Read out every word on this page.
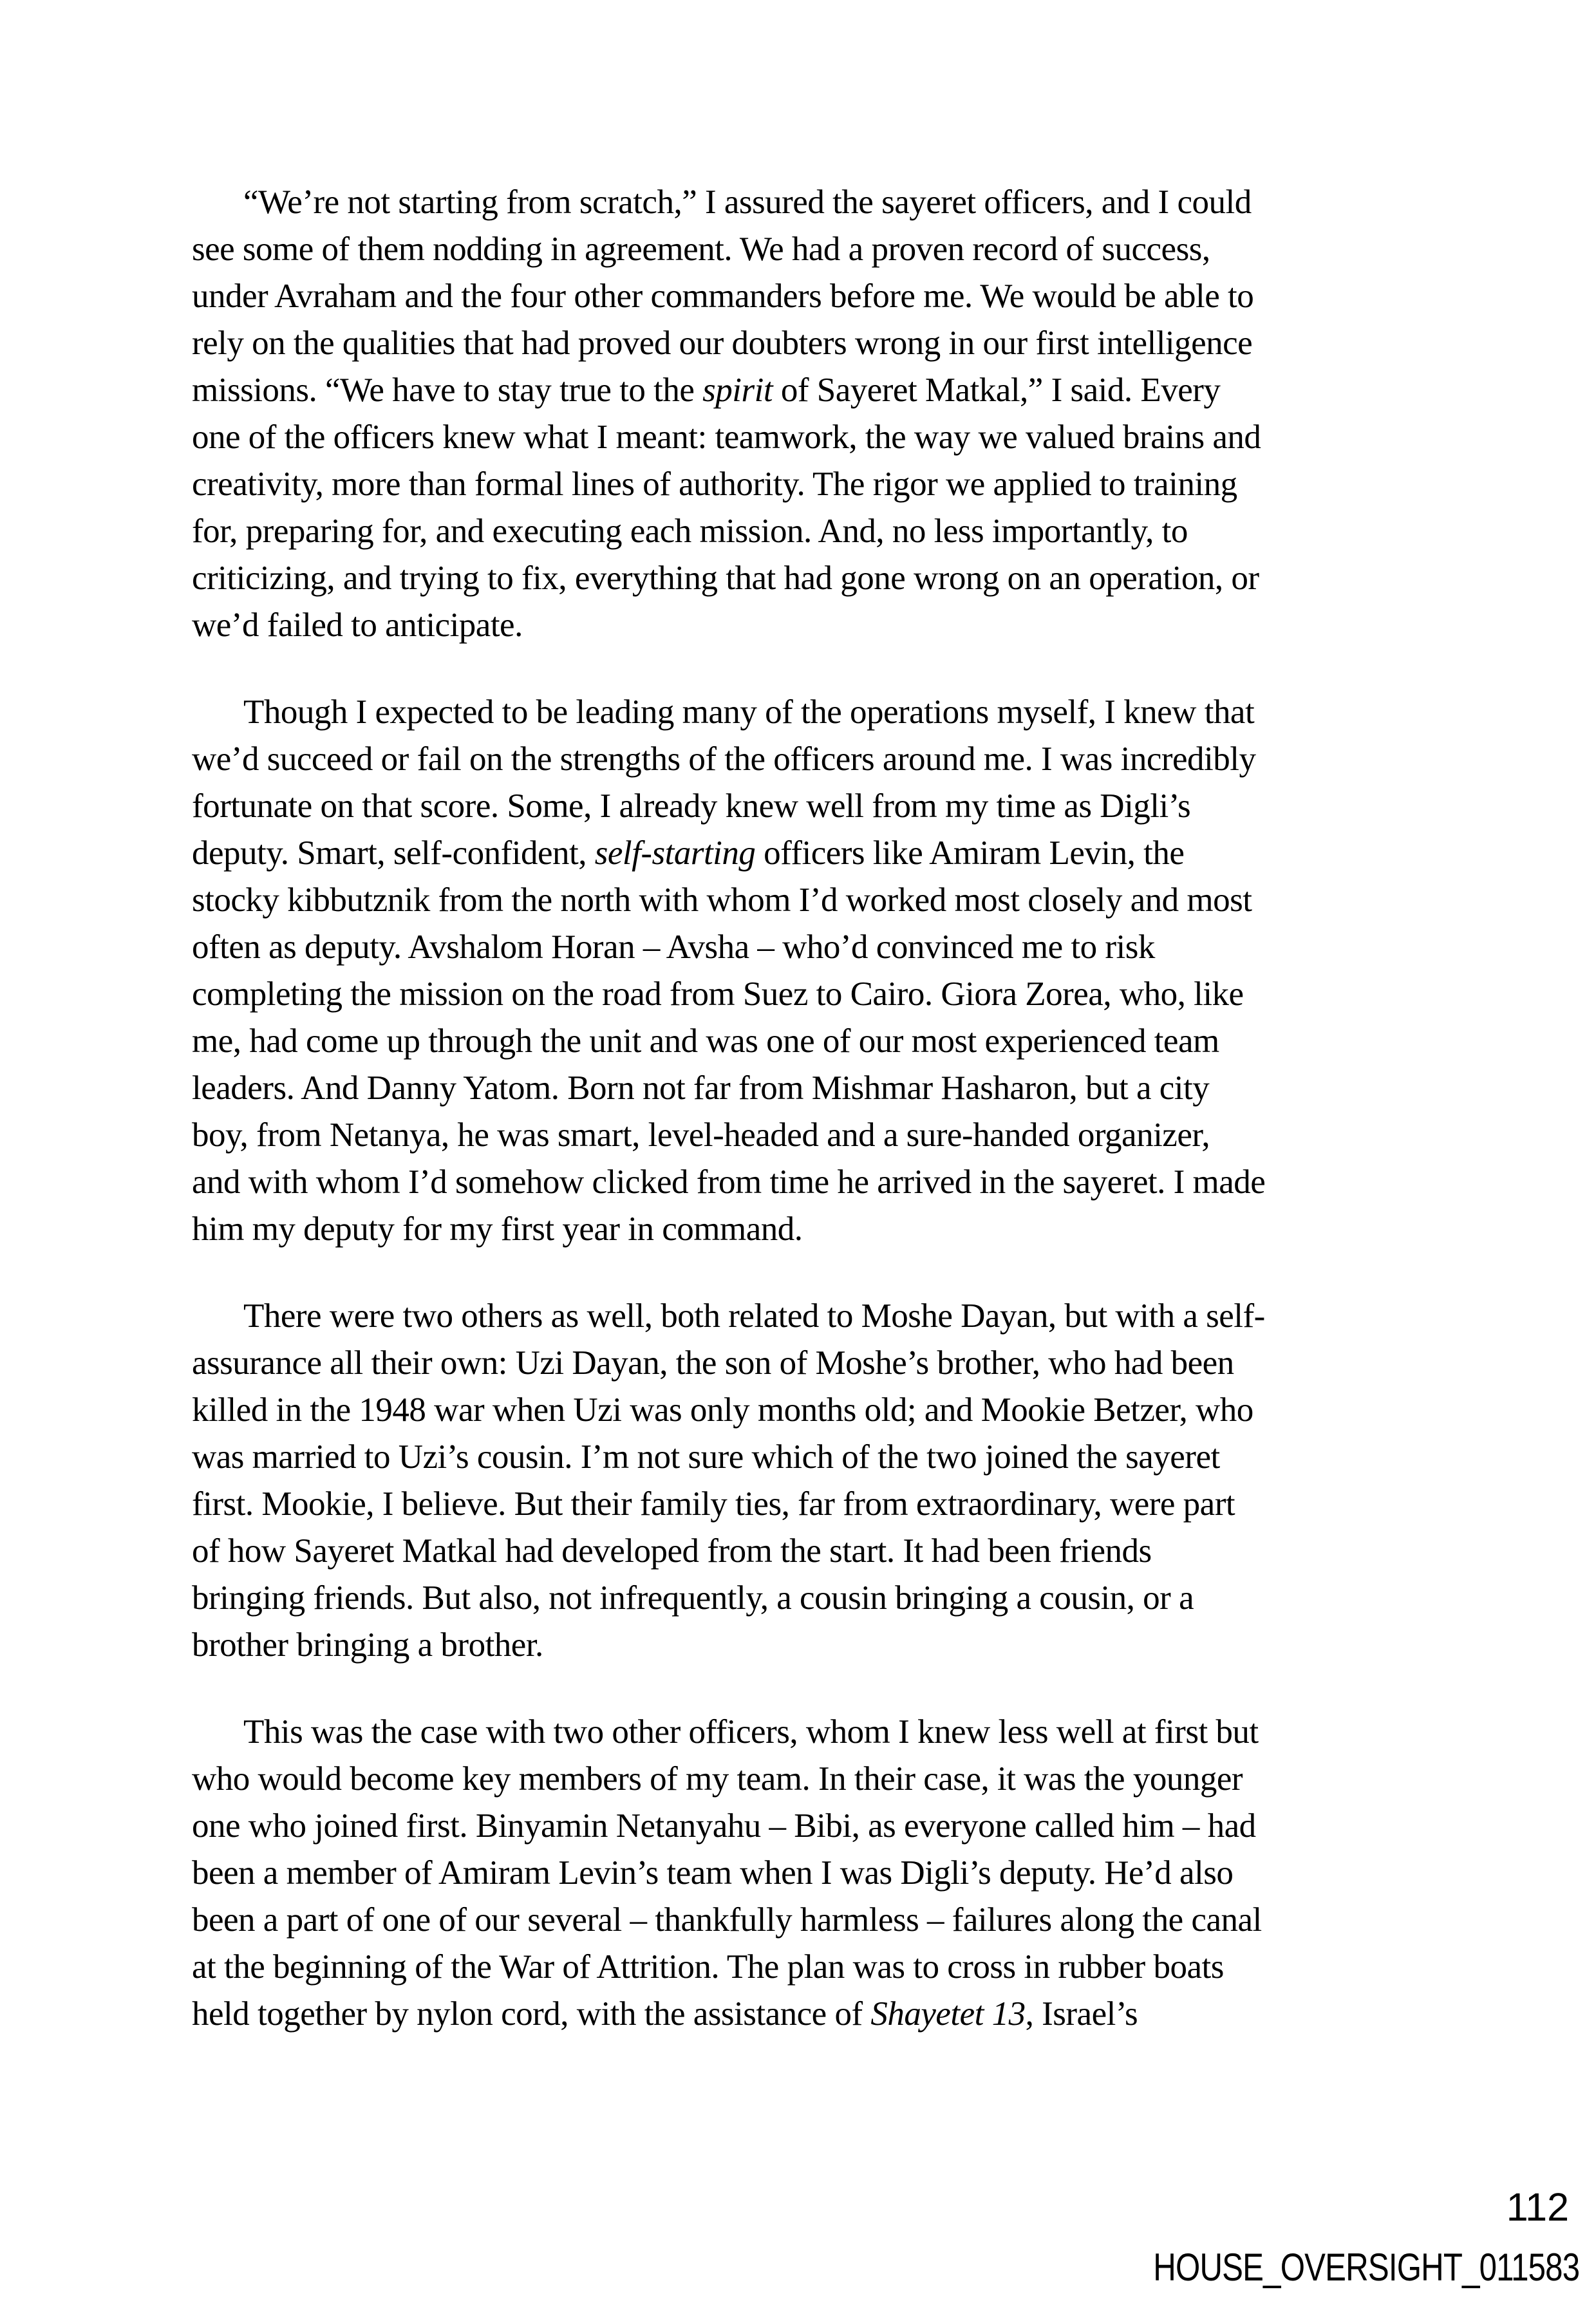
“We’re not starting from scratch,” I assured the sayeret officers, and I could
see some of them nodding in agreement. We had a proven record of success,
under Avraham and the four other commanders before me. We would be able to
rely on the qualities that had proved our doubters wrong in our first intelligence
missions. “We have to stay true to the spirit of Sayeret Matkal,” I said. Every
one of the officers knew what I meant: teamwork, the way we valued brains and
creativity, more than formal lines of authority. The rigor we applied to training
for, preparing for, and executing each mission. And, no less importantly, to
criticizing, and trying to fix, everything that had gone wrong on an operation, or
we’d failed to anticipate.
Though I expected to be leading many of the operations myself, I knew that
we’d succeed or fail on the strengths of the officers around me. I was incredibly
fortunate on that score. Some, I already knew well from my time as Digli’s
deputy. Smart, self-confident, self-starting officers like Amiram Levin, the
stocky kibbutznik from the north with whom I’d worked most closely and most
often as deputy. Avshalom Horan – Avsha – who’d convinced me to risk
completing the mission on the road from Suez to Cairo. Giora Zorea, who, like
me, had come up through the unit and was one of our most experienced team
leaders. And Danny Yatom. Born not far from Mishmar Hasharon, but a city
boy, from Netanya, he was smart, level-headed and a sure-handed organizer,
and with whom I’d somehow clicked from time he arrived in the sayeret. I made
him my deputy for my first year in command.
There were two others as well, both related to Moshe Dayan, but with a self-
assurance all their own: Uzi Dayan, the son of Moshe’s brother, who had been
killed in the 1948 war when Uzi was only months old; and Mookie Betzer, who
was married to Uzi’s cousin. I’m not sure which of the two joined the sayeret
first. Mookie, I believe. But their family ties, far from extraordinary, were part
of how Sayeret Matkal had developed from the start. It had been friends
bringing friends. But also, not infrequently, a cousin bringing a cousin, or a
brother bringing a brother.
This was the case with two other officers, whom I knew less well at first but
who would become key members of my team. In their case, it was the younger
one who joined first. Binyamin Netanyahu – Bibi, as everyone called him – had
been a member of Amiram Levin’s team when I was Digli’s deputy. He’d also
been a part of one of our several – thankfully harmless – failures along the canal
at the beginning of the War of Attrition. The plan was to cross in rubber boats
held together by nylon cord, with the assistance of Shayetet 13, Israel’s
112
HOUSE_OVERSIGHT_011583
